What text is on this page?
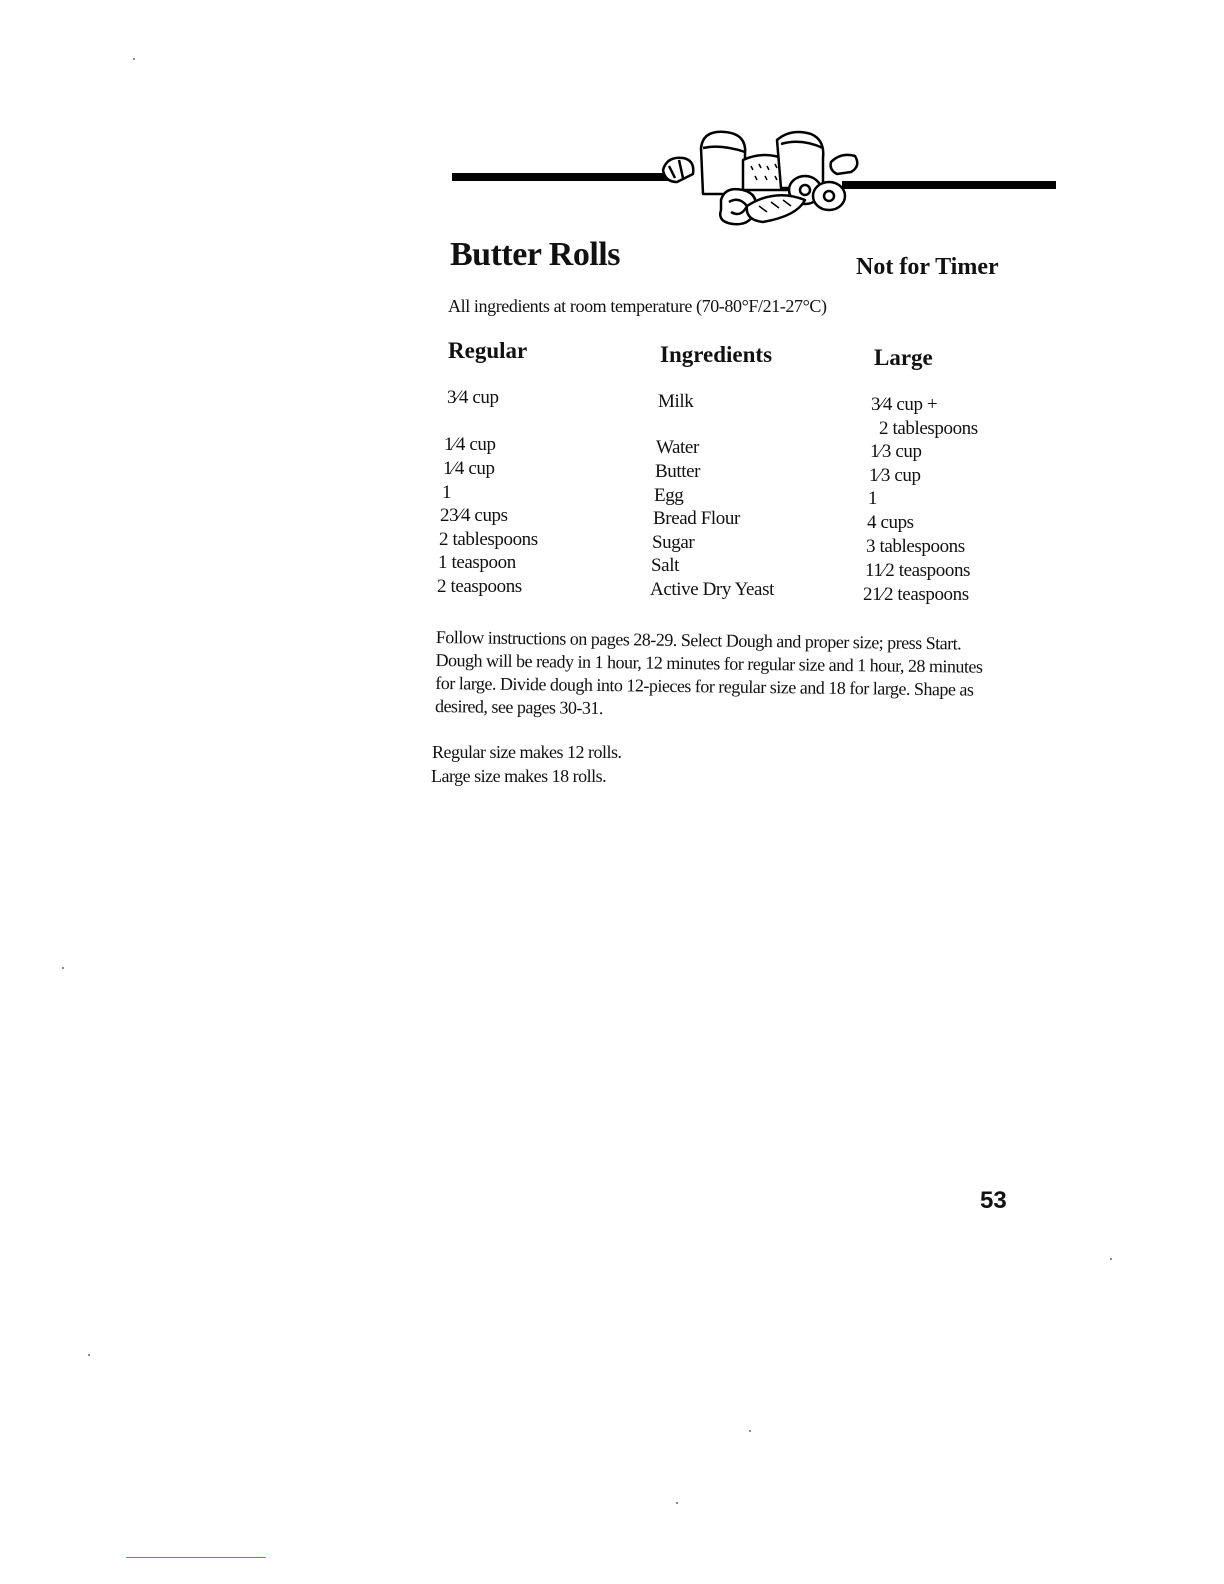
Butter Rolls	Not for Timer
All ingredients at room temperature (70-80°F/21-27°C)
Regular	Ingredients	Large
3⁄4 cup	Milk	3⁄4 cup +
2 tablespoons
1⁄4 cup	Water	1⁄3 cup
1⁄4 cup	Butter	1⁄3 cup
1	Egg	1
23⁄4 cups	Bread Flour	4 cups
2 tablespoons	Sugar	3 tablespoons
1 teaspoon	Salt	11⁄2 teaspoons
2 teaspoons	Active Dry Yeast	21⁄2 teaspoons
Follow instructions on pages 28-29. Select Dough and proper size; press Start. Dough will be ready in 1 hour, 12 minutes for regular size and 1 hour, 28 minutes for large. Divide dough into 12-pieces for regular size and 18 for large. Shape as desired, see pages 30-31.
Regular size makes 12 rolls.
Large size makes 18 rolls.
53
